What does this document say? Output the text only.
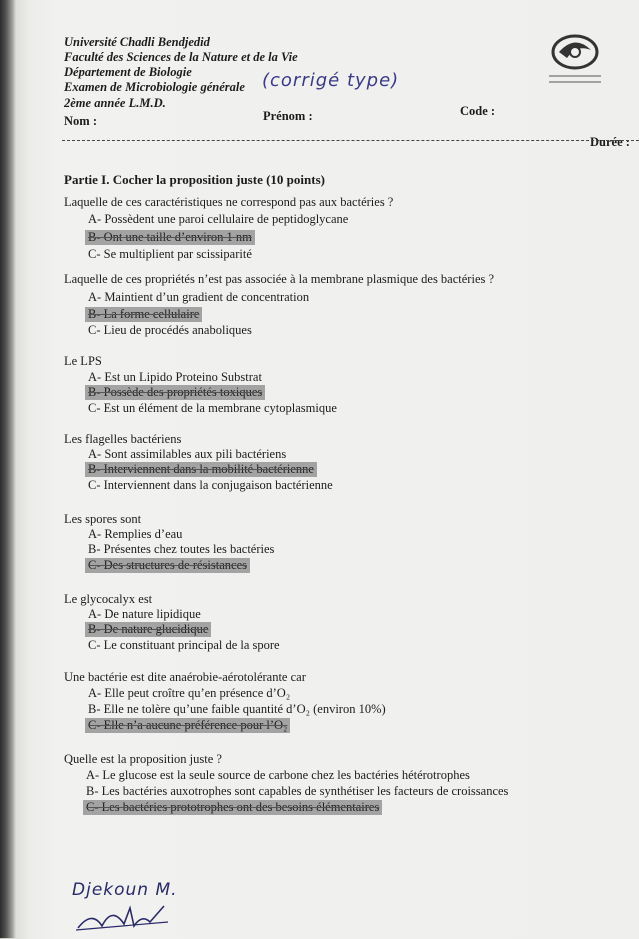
Université Chadli Bendjedid
Faculté des Sciences de la Nature et de la Vie
Département de Biologie
Examen de Microbiologie générale (corrigé type)
2ème année L.M.D.
Nom :	Prénom :	Code :
Durée :
Partie I. Cocher la proposition juste (10 points)
Laquelle de ces caractéristiques ne correspond pas aux bactéries ?
A- Possèdent une paroi cellulaire de peptidoglycane
B- Ont une taille d’environ 1 nm
C- Se multiplient par scissiparité
Laquelle de ces propriétés n’est pas associée à la membrane plasmique des bactéries ?
A- Maintient d’un gradient de concentration
B- La forme cellulaire
C- Lieu de procédés anaboliques
Le LPS
A- Est un Lipido Proteino Substrat
B- Possède des propriétés toxiques
C- Est un élément de la membrane cytoplasmique
Les flagelles bactériens
A- Sont assimilables aux pili bactériens
B- Interviennent dans la mobilité bactérienne
C- Interviennent dans la conjugaison bactérienne
Les spores sont
A- Remplies d’eau
B- Présentes chez toutes les bactéries
C- Des structures de résistances
Le glycocalyx est
A- De nature lipidique
B- De nature glucidique
C- Le constituant principal de la spore
Une bactérie est dite anaérobie-aérotolérante car
A- Elle peut croître qu’en présence d’O₂
B- Elle ne tolère qu’une faible quantité d’O₂ (environ 10%)
C- Elle n’a aucune préférence pour l’O₂
Quelle est la proposition juste ?
A- Le glucose est la seule source de carbone chez les bactéries hétérotrophes
B- Les bactéries auxotrophes sont capables de synthétiser les facteurs de croissances
C- Les bactéries prototrophes ont des besoins élémentaires
Djekoun M.
